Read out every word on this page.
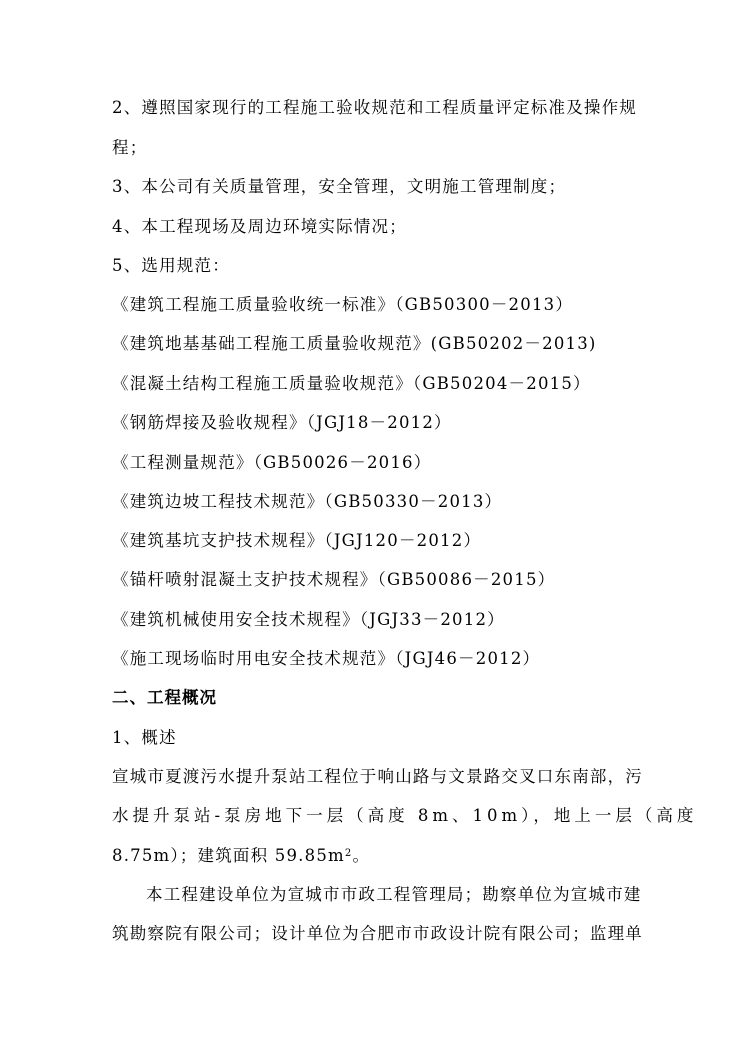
2、遵照国家现行的工程施工验收规范和工程质量评定标准及操作规
程；
3、本公司有关质量管理，安全管理，文明施工管理制度；
4、本工程现场及周边环境实际情况；
5、选用规范：
《建筑工程施工质量验收统一标准》（GB50300－2013）
《建筑地基基础工程施工质量验收规范》(GB50202－2013)
《混凝土结构工程施工质量验收规范》（GB50204－2015）
《钢筋焊接及验收规程》（JGJ18－2012）
《工程测量规范》（GB50026－2016）
《建筑边坡工程技术规范》（GB50330－2013）
《建筑基坑支护技术规程》（JGJ120－2012）
《锚杆喷射混凝土支护技术规程》（GB50086－2015）
《建筑机械使用安全技术规程》（JGJ33－2012）
《施工现场临时用电安全技术规范》（JGJ46－2012）
二、工程概况
1、概述
宣城市夏渡污水提升泵站工程位于响山路与文景路交叉口东南部，污
水提升泵站-泵房地下一层（高度 8m、10m），地上一层（高度
8.75m）；建筑面积 $59.85m^2$。
本工程建设单位为宣城市市政工程管理局；勘察单位为宣城市建
筑勘察院有限公司；设计单位为合肥市市政设计院有限公司；监理单
